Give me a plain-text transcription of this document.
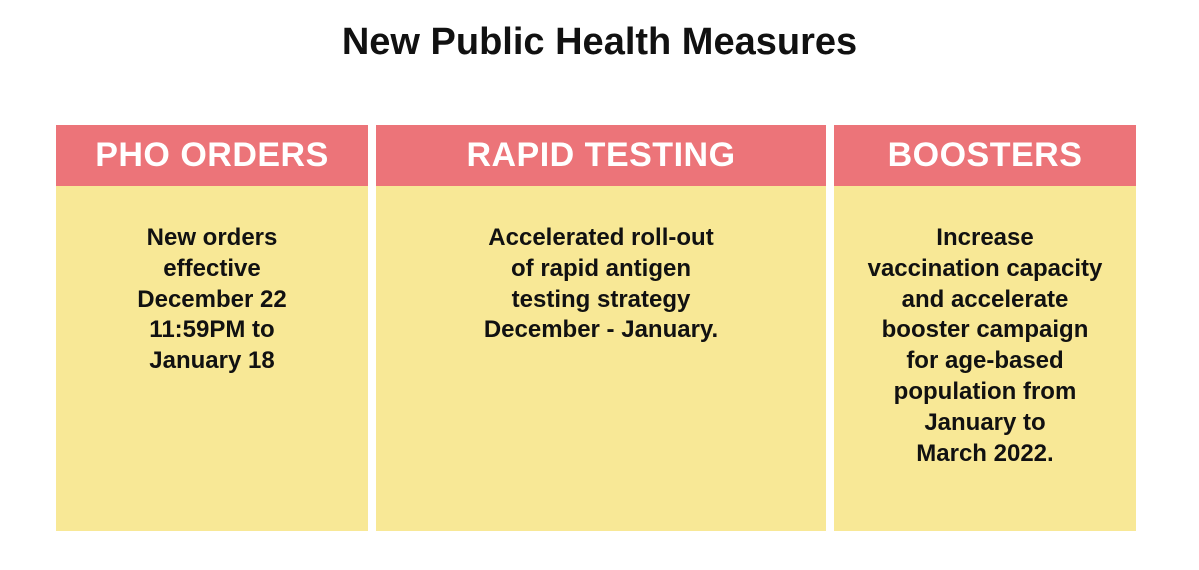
New Public Health Measures
PHO ORDERS
New orders
effective
December 22
11:59PM to
January 18
RAPID TESTING
Accelerated roll-out
of rapid antigen
testing strategy
December - January.
BOOSTERS
Increase
vaccination capacity
and accelerate
booster campaign
for age-based
population from
January to
March 2022.
